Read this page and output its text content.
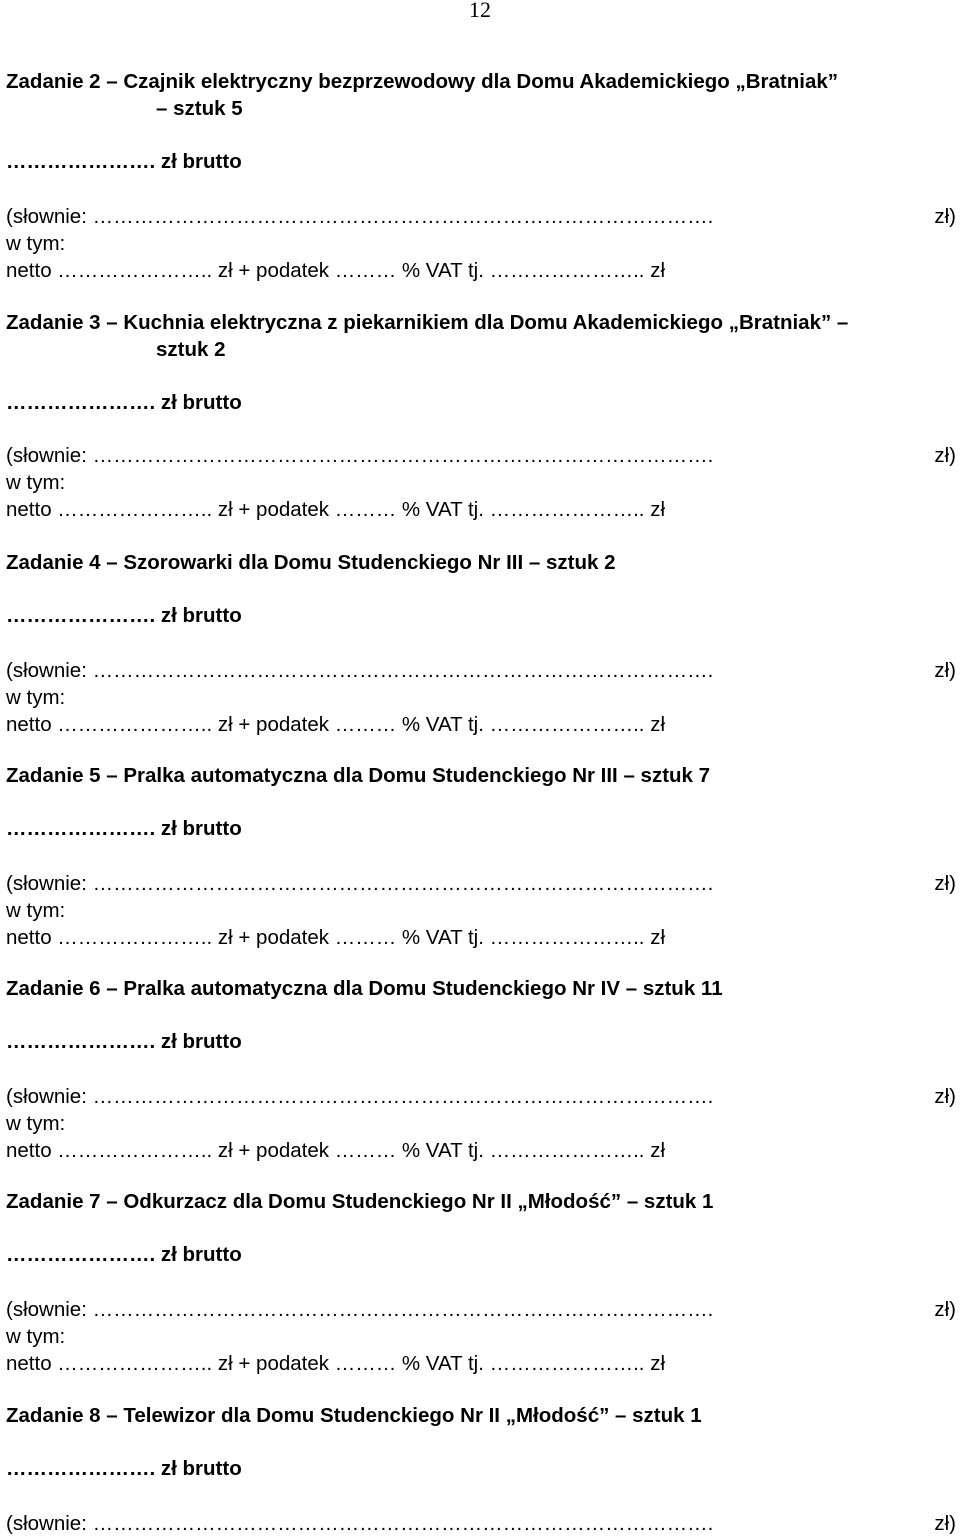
12
Zadanie 2 – Czajnik elektryczny bezprzewodowy dla Domu Akademickiego „Bratniak”
– sztuk 5
…………………. zł brutto
(słownie: ……………………………………………………………………………….	zł)
w tym:
netto ………………….. zł + podatek ……… % VAT tj. ………………….. zł
Zadanie 3 – Kuchnia elektryczna z piekarnikiem dla Domu Akademickiego „Bratniak” –
sztuk 2
…………………. zł brutto
(słownie: ……………………………………………………………………………….	zł)
w tym:
netto ………………….. zł + podatek ……… % VAT tj. ………………….. zł
Zadanie 4 – Szorowarki dla Domu Studenckiego Nr III – sztuk 2
…………………. zł brutto
(słownie: ……………………………………………………………………………….	zł)
w tym:
netto ………………….. zł + podatek ……… % VAT tj. ………………….. zł
Zadanie 5 – Pralka automatyczna dla Domu Studenckiego Nr III – sztuk 7
…………………. zł brutto
(słownie: ……………………………………………………………………………….	zł)
w tym:
netto ………………….. zł + podatek ……… % VAT tj. ………………….. zł
Zadanie 6 – Pralka automatyczna dla Domu Studenckiego Nr IV – sztuk 11
…………………. zł brutto
(słownie: ……………………………………………………………………………….	zł)
w tym:
netto ………………….. zł + podatek ……… % VAT tj. ………………….. zł
Zadanie 7 – Odkurzacz dla Domu Studenckiego Nr II „Młodość” – sztuk 1
…………………. zł brutto
(słownie: ……………………………………………………………………………….	zł)
w tym:
netto ………………….. zł + podatek ……… % VAT tj. ………………….. zł
Zadanie 8 – Telewizor dla Domu Studenckiego Nr II „Młodość” – sztuk 1
…………………. zł brutto
(słownie: ……………………………………………………………………………….	zł)
